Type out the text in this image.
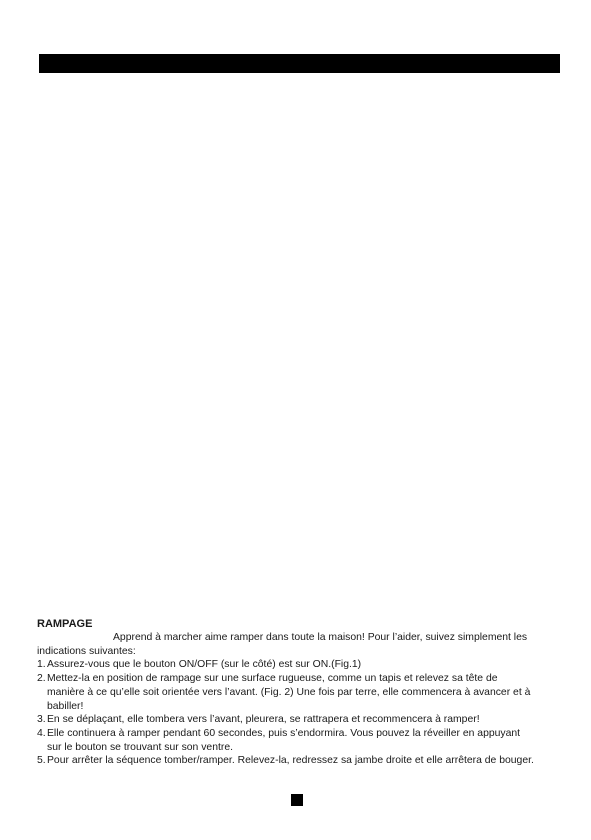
RAMPAGE

Apprend à marcher aime ramper dans toute la maison! Pour l’aider, suivez simplement les indications suivantes:

1. Assurez-vous que le bouton ON/OFF (sur le côté) est sur ON.(Fig.1)
2. Mettez-la en position de rampage sur une surface rugueuse, comme un tapis et relevez sa tête de manière à ce qu’elle soit orientée vers l’avant. (Fig. 2) Une fois par terre, elle commencera à avancer et à babiller!
3. En se déplaçant, elle tombera vers l’avant, pleurera, se rattrapera et recommencera à ramper!
4. Elle continuera à ramper pendant 60 secondes, puis s’endormira. Vous pouvez la réveiller en appuyant sur le bouton se trouvant sur son ventre.
5. Pour arrêter la séquence tomber/ramper. Relevez-la, redressez sa jambe droite et elle arrêtera de bouger.
